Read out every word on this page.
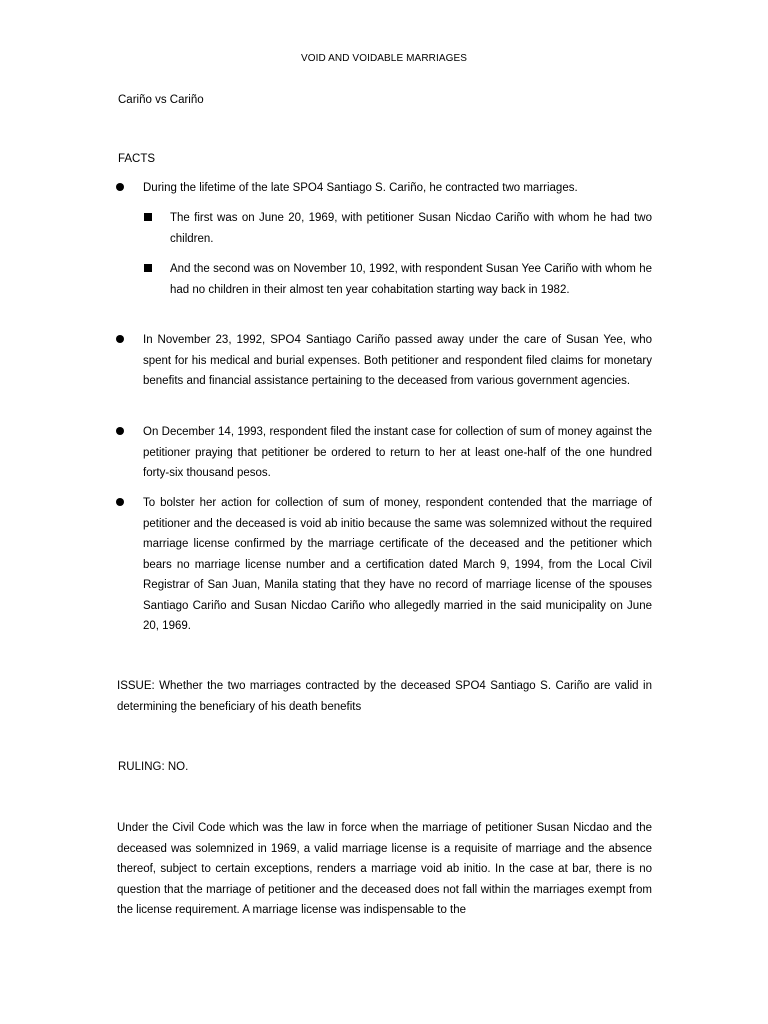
VOID AND VOIDABLE MARRIAGES
Cariño vs Cariño
FACTS
During the lifetime of the late SPO4 Santiago S. Cariño, he contracted two marriages.
The first was on June 20, 1969, with petitioner Susan Nicdao Cariño with whom he had two children.
And the second was on November 10, 1992, with respondent Susan Yee Cariño with whom he had no children in their almost ten year cohabitation starting way back in 1982.
In November 23, 1992, SPO4 Santiago Cariño passed away under the care of Susan Yee, who spent for his medical and burial expenses. Both petitioner and respondent filed claims for monetary benefits and financial assistance pertaining to the deceased from various government agencies.
On December 14, 1993, respondent filed the instant case for collection of sum of money against the petitioner praying that petitioner be ordered to return to her at least one-half of the one hundred forty-six thousand pesos.
To bolster her action for collection of sum of money, respondent contended that the marriage of petitioner and the deceased is void ab initio because the same was solemnized without the required marriage license confirmed by the marriage certificate of the deceased and the petitioner which bears no marriage license number and a certification dated March 9, 1994, from the Local Civil Registrar of San Juan, Manila stating that they have no record of marriage license of the spouses Santiago Cariño and Susan Nicdao Cariño who allegedly married in the said municipality on June 20, 1969.
ISSUE: Whether the two marriages contracted by the deceased SPO4 Santiago S. Cariño are valid in determining the beneficiary of his death benefits
RULING: NO.
Under the Civil Code which was the law in force when the marriage of petitioner Susan Nicdao and the deceased was solemnized in 1969, a valid marriage license is a requisite of marriage and the absence thereof, subject to certain exceptions, renders a marriage void ab initio. In the case at bar, there is no question that the marriage of petitioner and the deceased does not fall within the marriages exempt from the license requirement. A marriage license was indispensable to the
